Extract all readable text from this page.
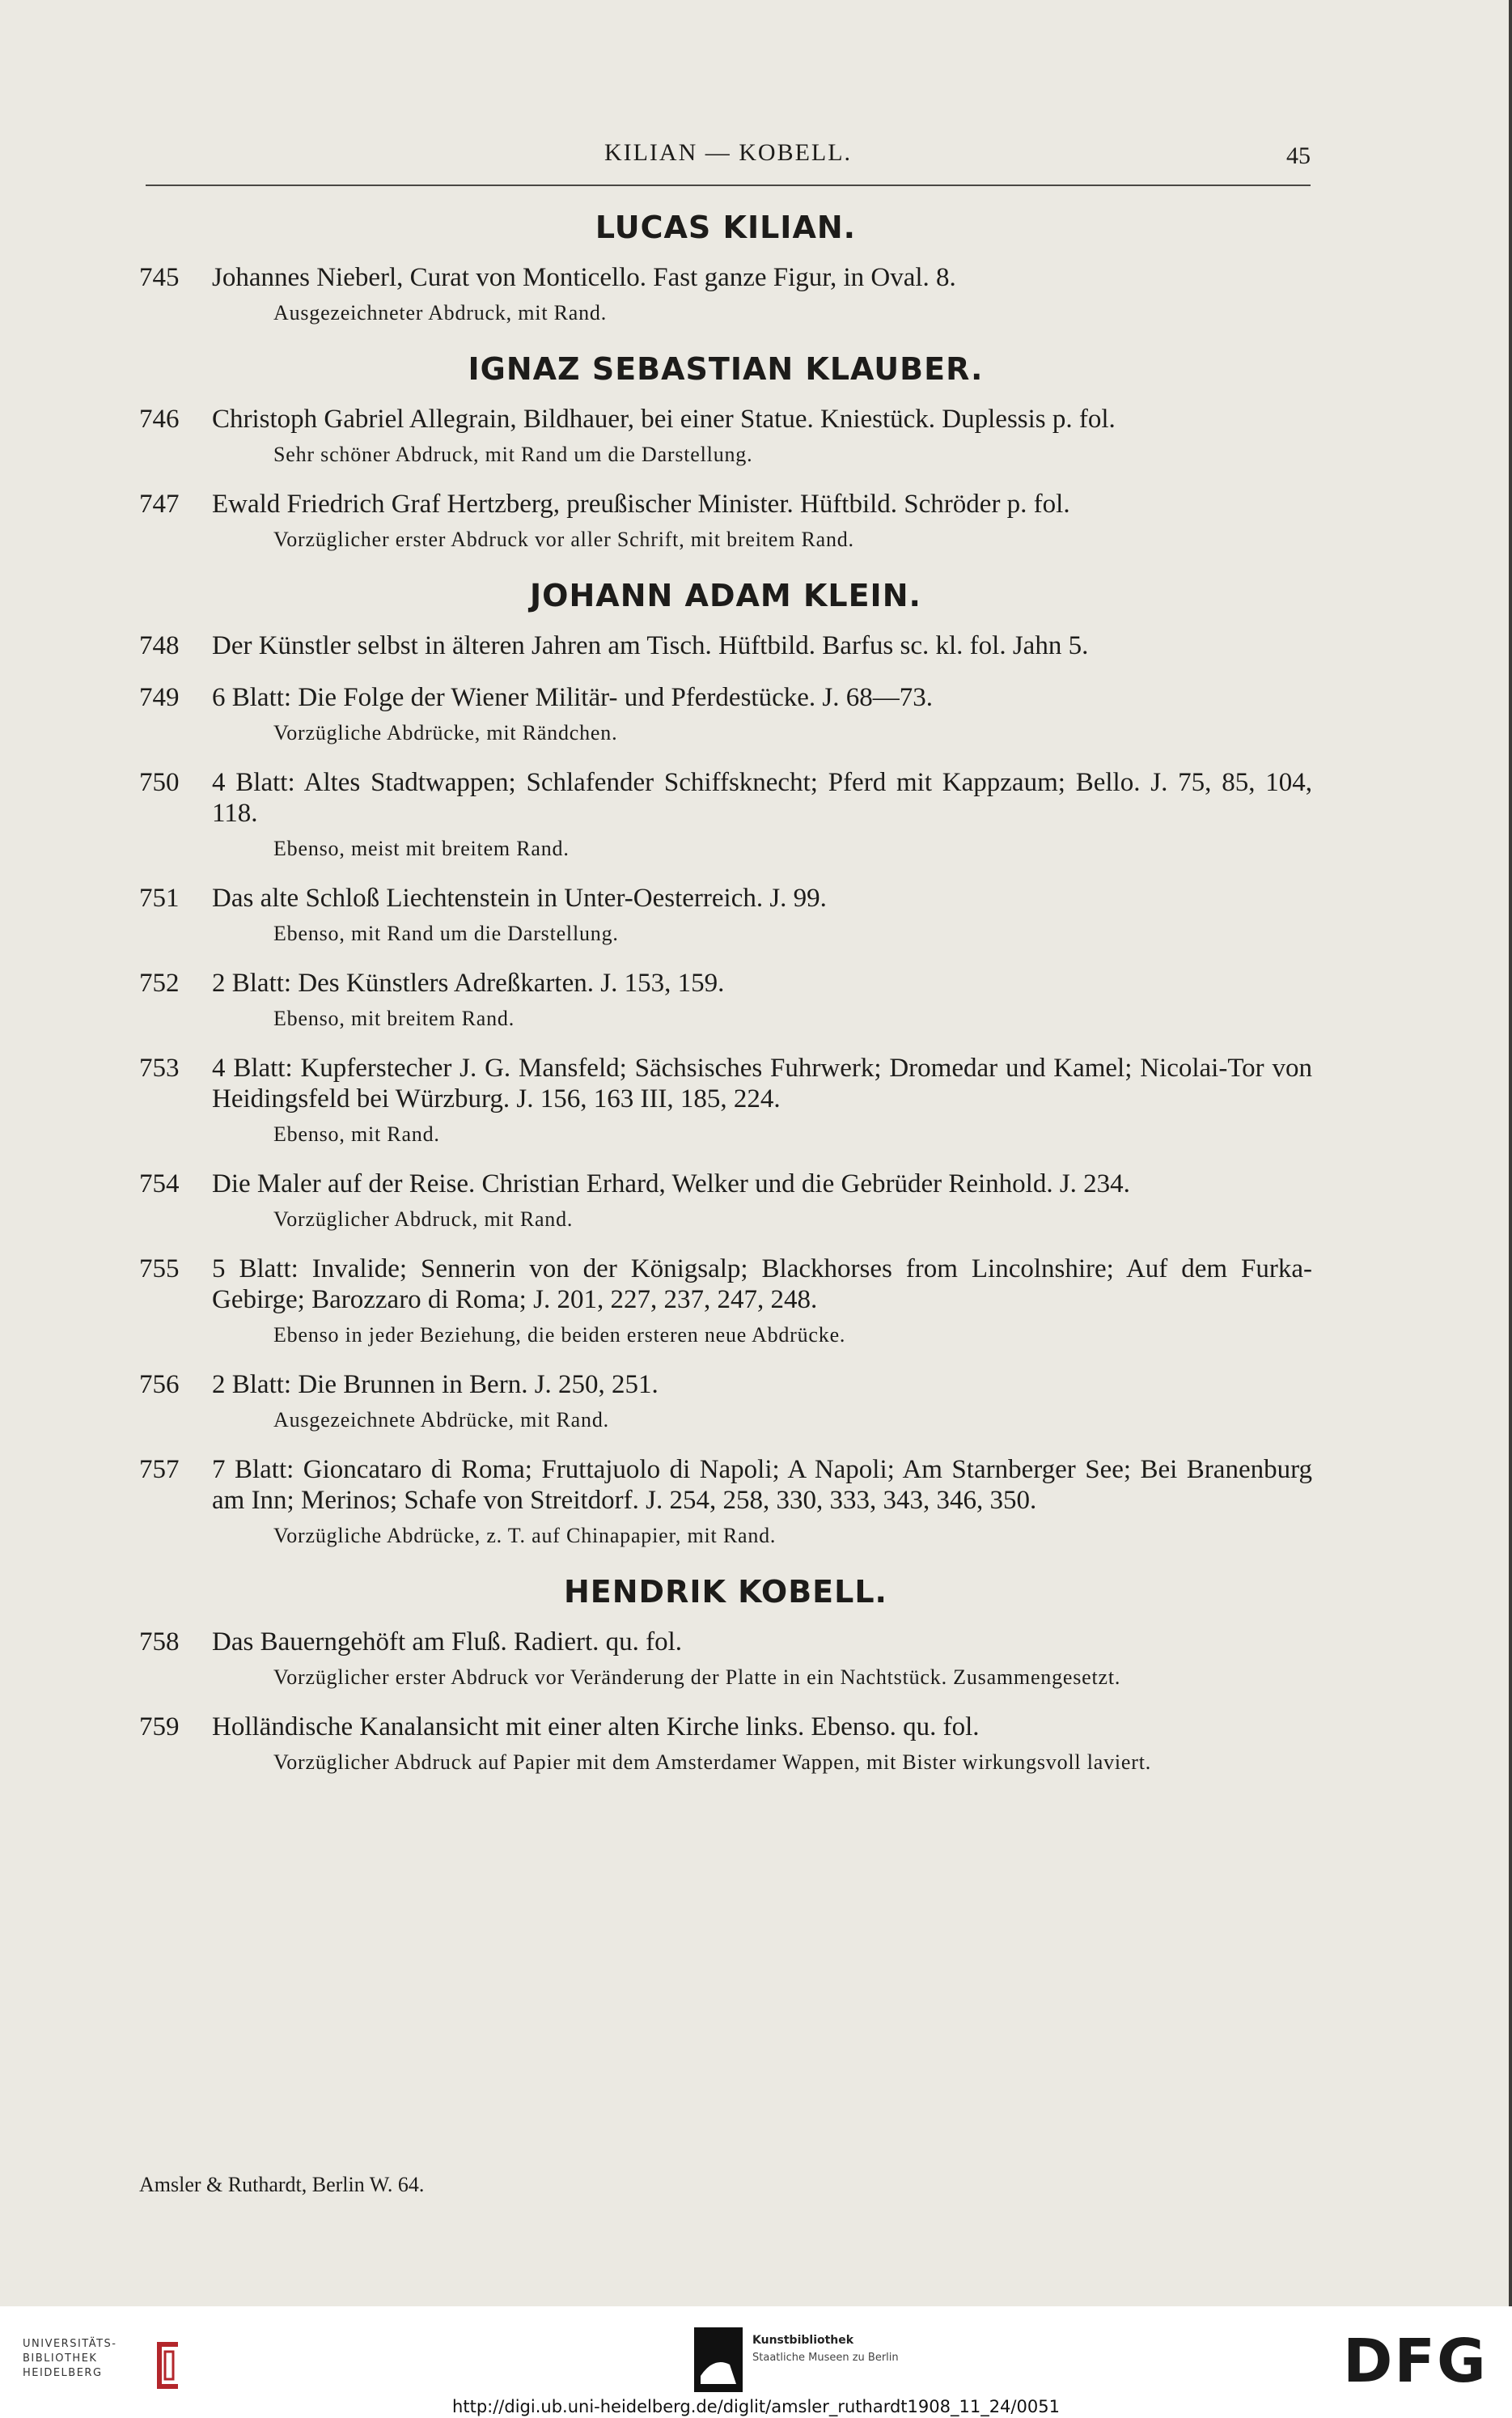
KILIAN — KOBELL.	45
LUCAS KILIAN.
745 Johannes Nieberl, Curat von Monticello. Fast ganze Figur, in Oval. 8.
Ausgezeichneter Abdruck, mit Rand.
IGNAZ SEBASTIAN KLAUBER.
746 Christoph Gabriel Allegrain, Bildhauer, bei einer Statue. Kniestück. Duplessis p. fol.
Sehr schöner Abdruck, mit Rand um die Darstellung.
747 Ewald Friedrich Graf Hertzberg, preußischer Minister. Hüftbild. Schröder p. fol.
Vorzüglicher erster Abdruck vor aller Schrift, mit breitem Rand.
JOHANN ADAM KLEIN.
748 Der Künstler selbst in älteren Jahren am Tisch. Hüftbild. Barfus sc. kl. fol. Jahn 5.
749 6 Blatt: Die Folge der Wiener Militär- und Pferdestücke. J. 68—73.
Vorzügliche Abdrücke, mit Rändchen.
750 4 Blatt: Altes Stadtwappen; Schlafender Schiffsknecht; Pferd mit Kappzaum; Bello. J. 75, 85, 104, 118.
Ebenso, meist mit breitem Rand.
751 Das alte Schloß Liechtenstein in Unter-Oesterreich. J. 99.
Ebenso, mit Rand um die Darstellung.
752 2 Blatt: Des Künstlers Adreßkarten. J. 153, 159.
Ebenso, mit breitem Rand.
753 4 Blatt: Kupferstecher J. G. Mansfeld; Sächsisches Fuhrwerk; Dromedar und Kamel; Nicolai-Tor von Heidingsfeld bei Würzburg. J. 156, 163 III, 185, 224.
Ebenso, mit Rand.
754 Die Maler auf der Reise. Christian Erhard, Welker und die Gebrüder Reinhold. J. 234.
Vorzüglicher Abdruck, mit Rand.
755 5 Blatt: Invalide; Sennerin von der Königsalp; Blackhorses from Lincolnshire; Auf dem Furka-Gebirge; Barozzaro di Roma; J. 201, 227, 237, 247, 248.
Ebenso in jeder Beziehung, die beiden ersteren neue Abdrücke.
756 2 Blatt: Die Brunnen in Bern. J. 250, 251.
Ausgezeichnete Abdrücke, mit Rand.
757 7 Blatt: Gioncataro di Roma; Fruttajuolo di Napoli; A Napoli; Am Starnberger See; Bei Branenburg am Inn; Merinos; Schafe von Streitdorf. J. 254, 258, 330, 333, 343, 346, 350.
Vorzügliche Abdrücke, z. T. auf Chinapapier, mit Rand.
HENDRIK KOBELL.
758 Das Bauerngehöft am Fluß. Radiert. qu. fol.
Vorzüglicher erster Abdruck vor Veränderung der Platte in ein Nachtstück. Zusammengesetzt.
759 Holländische Kanalansicht mit einer alten Kirche links. Ebenso. qu. fol.
Vorzüglicher Abdruck auf Papier mit dem Amsterdamer Wappen, mit Bister wirkungsvoll laviert.
Amsler & Ruthardt, Berlin W. 64.
UNIVERSITÄTS-
BIBLIOTHEK
HEIDELBERG
Kunstbibliothek
Staatliche Museen zu Berlin	DFG
http://digi.ub.uni-heidelberg.de/diglit/amsler_ruthardt1908_11_24/0051
